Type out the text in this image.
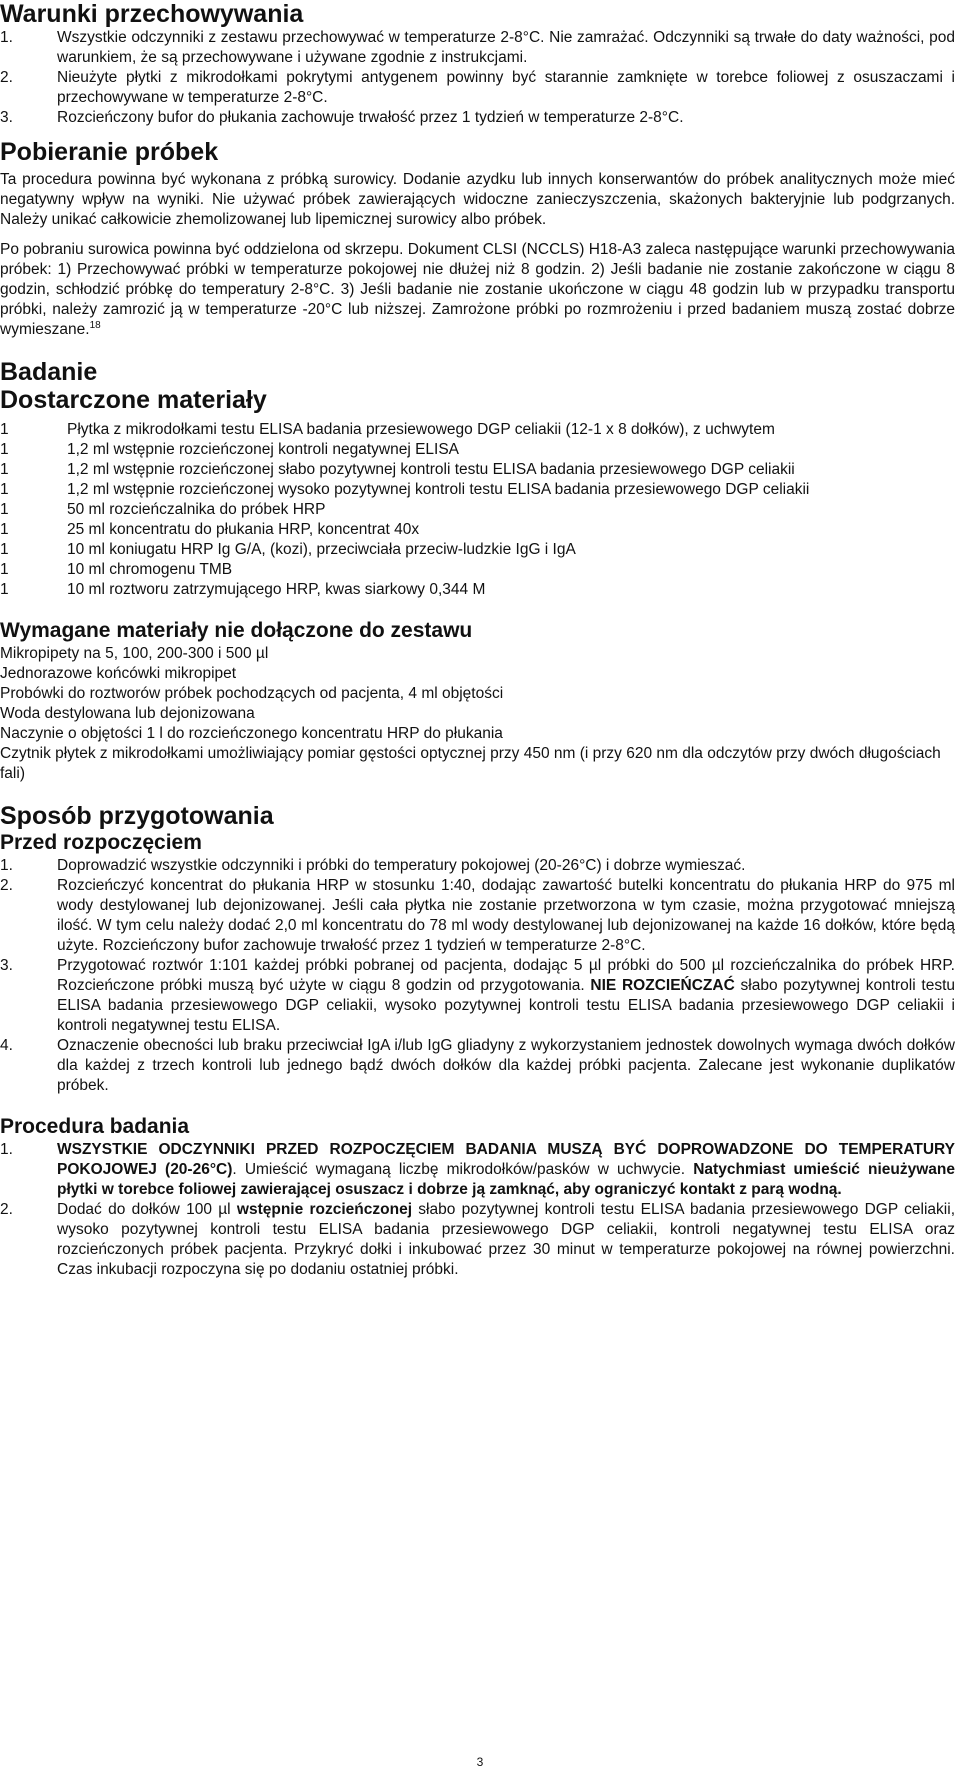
Warunki przechowywania
1.	Wszystkie odczynniki z zestawu przechowywać w temperaturze 2-8°C. Nie zamrażać. Odczynniki są trwałe do daty ważności, pod warunkiem, że są przechowywane i używane zgodnie z instrukcjami.
2.	Nieużyte płytki z mikrodołkami pokrytymi antygenem powinny być starannie zamknięte w torebce foliowej z osuszaczami i przechowywane w temperaturze 2-8°C.
3.	Rozcieńczony bufor do płukania zachowuje trwałość przez 1 tydzień w temperaturze 2-8°C.
Pobieranie próbek

Ta procedura powinna być wykonana z próbką surowicy. Dodanie azydku lub innych konserwantów do próbek analitycznych może mieć negatywny wpływ na wyniki. Nie używać próbek zawierających widoczne zanieczyszczenia, skażonych bakteryjnie lub podgrzanych. Należy unikać całkowicie zhemolizowanej lub lipemicznej surowicy albo próbek.

Po pobraniu surowica powinna być oddzielona od skrzepu. Dokument CLSI (NCCLS) H18-A3 zaleca następujące warunki przechowywania próbek: 1) Przechowywać próbki w temperaturze pokojowej nie dłużej niż 8 godzin. 2) Jeśli badanie nie zostanie zakończone w ciągu 8 godzin, schłodzić próbkę do temperatury 2-8°C. 3) Jeśli badanie nie zostanie ukończone w ciągu 48 godzin lub w przypadku transportu próbki, należy zamrozić ją w temperaturze -20°C lub niższej. Zamrożone próbki po rozmrożeniu i przed badaniem muszą zostać dobrze wymieszane.$^{18}$

Badanie
Dostarczone materiały
1	Płytka z mikrodołkami testu ELISA badania przesiewowego DGP celiakii (12-1 x 8 dołków), z uchwytem
1	1,2 ml wstępnie rozcieńczonej kontroli negatywnej ELISA
1	1,2 ml wstępnie rozcieńczonej słabo pozytywnej kontroli testu ELISA badania przesiewowego DGP celiakii
1	1,2 ml wstępnie rozcieńczonej wysoko pozytywnej kontroli testu ELISA badania przesiewowego DGP celiakii
1	50 ml rozcieńczalnika do próbek HRP
1	25 ml koncentratu do płukania HRP, koncentrat 40x
1	10 ml koniugatu HRP Ig G/A, (kozi), przeciwciała przeciw-ludzkie IgG i IgA
1	10 ml chromogenu TMB
1	10 ml roztworu zatrzymującego HRP, kwas siarkowy 0,344 M
Wymagane materiały nie dołączone do zestawu

Mikropipety na 5, 100, 200-300 i 500 µl

Jednorazowe końcówki mikropipet

Probówki do roztworów próbek pochodzących od pacjenta, 4 ml objętości

Woda destylowana lub dejonizowana

Naczynie o objętości 1 l do rozcieńczonego koncentratu HRP do płukania

Czytnik płytek z mikrodołkami umożliwiający pomiar gęstości optycznej przy 450 nm (i przy 620 nm dla odczytów przy dwóch długościach fali)

Sposób przygotowania
Przed rozpoczęciem
1.	Doprowadzić wszystkie odczynniki i próbki do temperatury pokojowej (20-26°C) i dobrze wymieszać.
2.	Rozcieńczyć koncentrat do płukania HRP w stosunku 1:40, dodając zawartość butelki koncentratu do płukania HRP do 975 ml wody destylowanej lub dejonizowanej. Jeśli cała płytka nie zostanie przetworzona w tym czasie, można przygotować mniejszą ilość. W tym celu należy dodać 2,0 ml koncentratu do 78 ml wody destylowanej lub dejonizowanej na każde 16 dołków, które będą użyte. Rozcieńczony bufor zachowuje trwałość przez 1 tydzień w temperaturze 2-8°C.
3.	Przygotować roztwór 1:101 każdej próbki pobranej od pacjenta, dodając 5 µl próbki do 500 µl rozcieńczalnika do próbek HRP. Rozcieńczone próbki muszą być użyte w ciągu 8 godzin od przygotowania. NIE ROZCIEŃCZAĆ słabo pozytywnej kontroli testu ELISA badania przesiewowego DGP celiakii, wysoko pozytywnej kontroli testu ELISA badania przesiewowego DGP celiakii i kontroli negatywnej testu ELISA.
4.	Oznaczenie obecności lub braku przeciwciał IgA i/lub IgG gliadyny z wykorzystaniem jednostek dowolnych wymaga dwóch dołków dla każdej z trzech kontroli lub jednego bądź dwóch dołków dla każdej próbki pacjenta. Zalecane jest wykonanie duplikatów próbek.
Procedura badania
1.	WSZYSTKIE ODCZYNNIKI PRZED ROZPOCZĘCIEM BADANIA MUSZĄ BYĆ DOPROWADZONE DO TEMPERATURY POKOJOWEJ (20-26°C). Umieścić wymaganą liczbę mikrodołków/pasków w uchwycie. Natychmiast umieścić nieużywane płytki w torebce foliowej zawierającej osuszacz i dobrze ją zamknąć, aby ograniczyć kontakt z parą wodną.
2.	Dodać do dołków 100 µl wstępnie rozcieńczonej słabo pozytywnej kontroli testu ELISA badania przesiewowego DGP celiakii, wysoko pozytywnej kontroli testu ELISA badania przesiewowego DGP celiakii, kontroli negatywnej testu ELISA oraz rozcieńczonych próbek pacjenta. Przykryć dołki i inkubować przez 30 minut w temperaturze pokojowej na równej powierzchni. Czas inkubacji rozpoczyna się po dodaniu ostatniej próbki.
3
